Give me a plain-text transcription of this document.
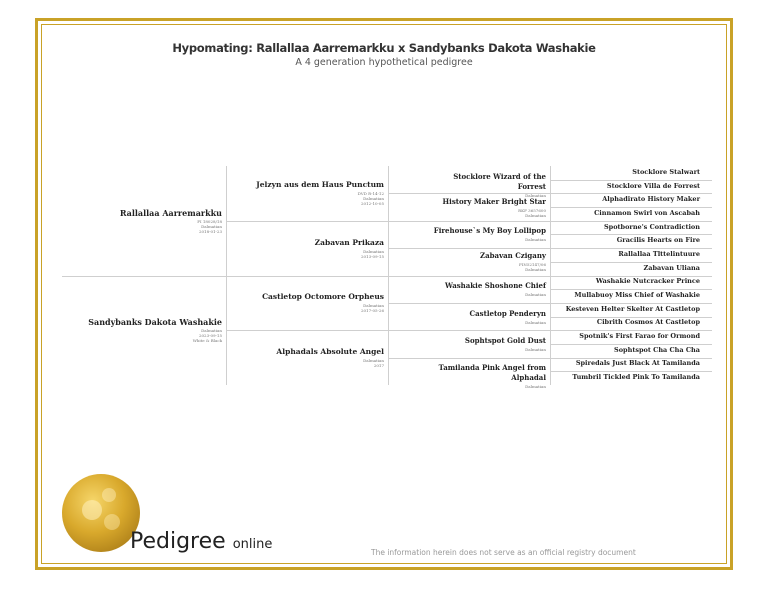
Hypomating: Rallallaa Aarremarkku x Sandybanks Dakota Washakie
A 4 generation hypothetical pedigree
Rallallaa Aarremarkku
FI 18028/18
Dalmatian
2018-01-23
Sandybanks Dakota Washakie
Dalmatian
2023-09-15
White & Black
Jelzyn aus dem Haus Punctum
DVD R-14-12
Dalmatian
2012-10-05
Zabavan Prikaza
Dalmatian
2013-09-15
Castletop Octomore Orpheus
Dalmatian
2017-05-26
Alphadals Absolute Angel
Dalmatian
2017
Stocklore Wizard of the Forrest
Dalmatian
History Maker Bright Star
RKF 3657600
Dalmatian
Firehouse`s My Boy Lollipop
Dalmatian
Zabavan Czigany
FIN52147/06
Dalmatian
Washakie Shoshone Chief
Dalmatian
Castletop Penderyn
Dalmatian
Sophtspot Gold Dust
Dalmatian
Tamilanda Pink Angel from Alphadal
Dalmatian
Stocklore Stalwart
Stocklore Villa de Forrest
Alphadirato History Maker
Cinnamon Swirl von Ascabah
Spotborne's Contradiction
Gracilis Hearts on Fire
Rallallaa Tlttelintuure
Zabavan Uliana
Washakie Nutcracker Prince
Mullabuoy Miss Chief of Washakie
Kesteven Helter Skelter At Castletop
Cibrith Cosmos At Castletop
Spotnik's First Farao for Ormond
Sophtspot Cha Cha Cha
Spiredals Just Black At Tamilanda
Tumbril Tickled Pink To Tamilanda
Pedigree online
The information herein does not serve as an official registry document
